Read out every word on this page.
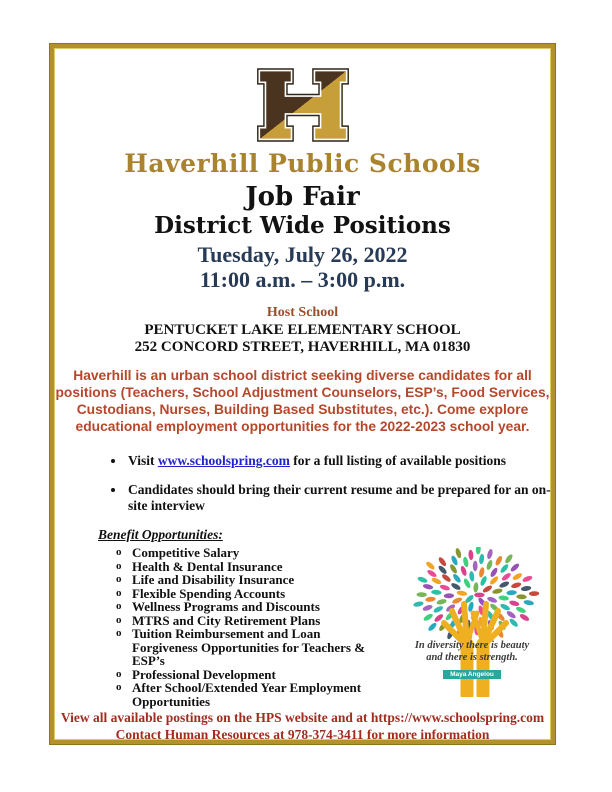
Haverhill Public Schools
Job Fair
District Wide Positions
Tuesday, July 26, 2022
11:00 a.m. – 3:00 p.m.
Host School
PENTUCKET LAKE ELEMENTARY SCHOOL
252 CONCORD STREET, HAVERHILL, MA 01830

Haverhill is an urban school district seeking diverse candidates for all positions (Teachers, School Adjustment Counselors, ESP’s, Food Services, Custodians, Nurses, Building Based Substitutes, etc.). Come explore educational employment opportunities for the 2022-2023 school year.

• Visit www.schoolspring.com for a full listing of available positions
• Candidates should bring their current resume and be prepared for an on-site interview
Benefit Opportunities:
o Competitive Salary
o Health & Dental Insurance
o Life and Disability Insurance
o Flexible Spending Accounts
o Wellness Programs and Discounts
o MTRS and City Retirement Plans
o Tuition Reimbursement and Loan Forgiveness Opportunities for Teachers & ESP’s
o Professional Development
o After School/Extended Year Employment Opportunities
In diversity there is beauty
and there is strength.
Maya Angelou
View all available postings on the HPS website and at https://www.schoolspring.com
Contact Human Resources at 978-374-3411 for more information
